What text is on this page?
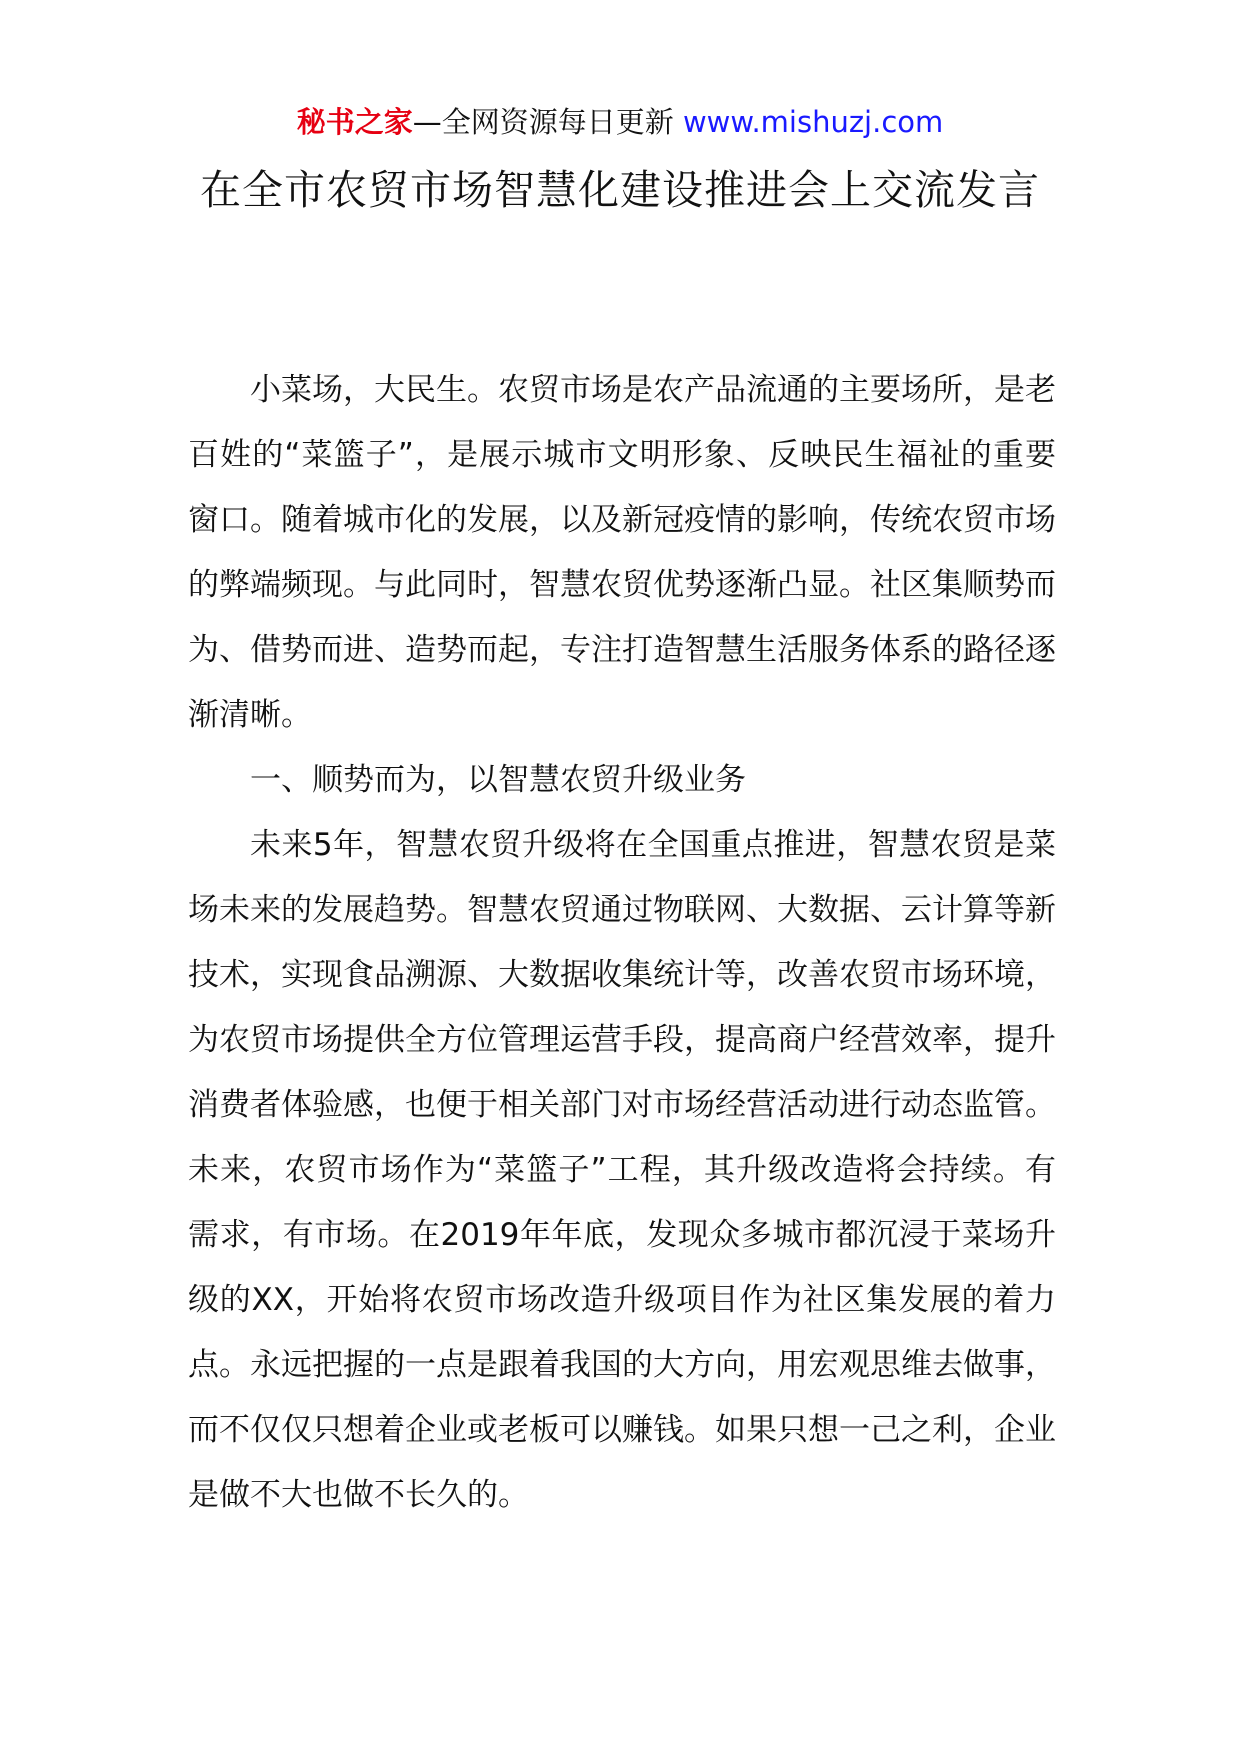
秘书之家—全网资源每日更新 www.mishuzj.com
在全市农贸市场智慧化建设推进会上交流发言

小菜场，大民生。农贸市场是农产品流通的主要场所，是老百姓的“菜篮子”，是展示城市文明形象、反映民生福祉的重要窗口。随着城市化的发展，以及新冠疫情的影响，传统农贸市场的弊端频现。与此同时，智慧农贸优势逐渐凸显。社区集顺势而为、借势而进、造势而起，专注打造智慧生活服务体系的路径逐渐清晰。

一、顺势而为，以智慧农贸升级业务

未来5年，智慧农贸升级将在全国重点推进，智慧农贸是菜场未来的发展趋势。智慧农贸通过物联网、大数据、云计算等新技术，实现食品溯源、大数据收集统计等，改善农贸市场环境，为农贸市场提供全方位管理运营手段，提高商户经营效率，提升消费者体验感，也便于相关部门对市场经营活动进行动态监管。未来，农贸市场作为“菜篮子”工程，其升级改造将会持续。有需求，有市场。在2019年年底，发现众多城市都沉浸于菜场升级的XX，开始将农贸市场改造升级项目作为社区集发展的着力点。永远把握的一点是跟着我国的大方向，用宏观思维去做事，而不仅仅只想着企业或老板可以赚钱。如果只想一己之利，企业是做不大也做不长久的。
